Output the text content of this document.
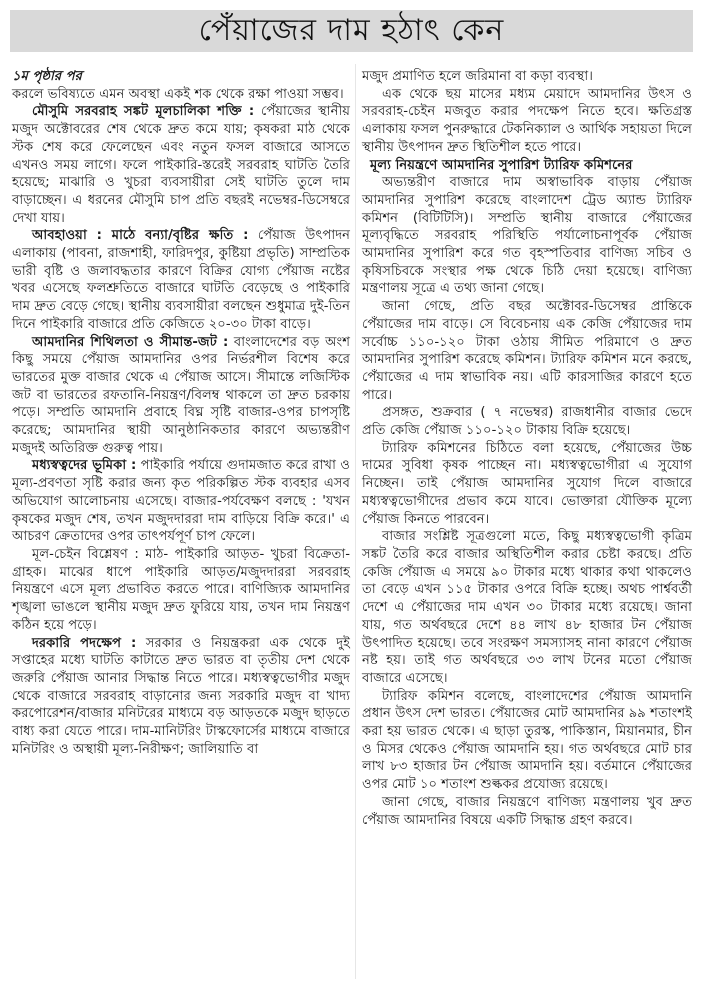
পেঁয়াজের দাম হঠাৎ কেন

১ম পৃষ্ঠার পর

করলে ভবিষ্যতে এমন অবস্থা একই শক থেকে রক্ষা পাওয়া সম্ভব।

মৌসুমি সরবরাহ সঙ্কট মূলচালিকা শক্তি : পেঁয়াজের স্থানীয় মজুদ অক্টোবরের শেষ থেকে দ্রুত কমে যায়; কৃষকরা মাঠ থেকে স্টক শেষ করে ফেলেছেন এবং নতুন ফসল বাজারে আসতে এখনও সময় লাগে। ফলে পাইকারি-স্তরেই সরবরাহ ঘাটতি তৈরি হয়েছে; মাঝারি ও খুচরা ব্যবসায়ীরা সেই ঘাটতি তুলে দাম বাড়াচ্ছেন। এ ধরনের মৌসুমি চাপ প্রতি বছরই নভেম্বর-ডিসেম্বরে দেখা যায়।

আবহাওয়া : মাঠে বন্যা/বৃষ্টির ক্ষতি : পেঁয়াজ উৎপাদন এলাকায় (পাবনা, রাজশাহী, ফারিদপুর, কুষ্টিয়া প্রভৃতি) সাম্প্রতিক ভারী বৃষ্টি ও জলাবদ্ধতার কারণে বিক্রির যোগ্য পেঁয়াজ নষ্টের খবর এসেছে ফলশ্রুতিতে বাজারে ঘাটতি বেড়েছে ও পাইকারি দাম দ্রুত বেড়ে গেছে। স্থানীয় ব্যবসায়ীরা বলছেন শুধুমাত্র দুই-তিন দিনে পাইকারি বাজারে প্রতি কেজিতে ২০-৩০ টাকা বাড়ে।

আমদানির শিথিলতা ও সীমান্ত-জট : বাংলাদেশের বড় অংশ কিছু সময়ে পেঁয়াজ আমদানির ওপর নির্ভরশীল বিশেষ করে ভারতের মুক্ত বাজার থেকে এ পেঁয়াজ আসে। সীমান্তে লজিস্টিক জট বা ভারতের রফতানি-নিয়ন্ত্রণ/বিলম্ব থাকলে তা দ্রুত চরকায় পড়ে। সম্প্রতি আমদানি প্রবাহে বিঘ্ন সৃষ্টি বাজার-ওপর চাপসৃষ্টি করেছে; আমদানির স্থায়ী আনুষ্ঠানিকতার কারণে অভ্যন্তরীণ মজুদই অতিরিক্ত গুরুত্ব পায়।

মধ্যস্বত্বদের ভূমিকা : পাইকারি পর্যায়ে গুদামজাত করে রাখা ও মূল্য-প্রবণতা সৃষ্টি করার জন্য কৃত পরিকল্পিত স্টক ব্যবহার এসব অভিযোগ আলোচনায় এসেছে। বাজার-পর্যবেক্ষণ বলছে : 'যখন কৃষকের মজুদ শেষ, তখন মজুদদাররা দাম বাড়িয়ে বিক্রি করে।' এ আচরণ ক্রেতাদের ওপর তাৎপর্যপূর্ণ চাপ ফেলে।

মূল-চেইন বিশ্লেষণ : মাঠ- পাইকারি আড়ত- খুচরা বিক্রেতা- গ্রাহক। মাঝের ধাপে পাইকারি আড়ত/মজুদদাররা সরবরাহ নিয়ন্ত্রণে এসে মূল্য প্রভাবিত করতে পারে। বাণিজ্যিক আমদানির শৃঙ্খলা ভাঙলে স্থানীয় মজুদ দ্রুত ফুরিয়ে যায়, তখন দাম নিয়ন্ত্রণ কঠিন হয়ে পড়ে।

দরকারি পদক্ষেপ : সরকার ও নিয়ন্ত্রকরা এক থেকে দুই সপ্তাহের মধ্যে ঘাটতি কাটাতে দ্রুত ভারত বা তৃতীয় দেশ থেকে জরুরি পেঁয়াজ আনার সিদ্ধান্ত নিতে পারে। মধ্যস্বত্বভোগীর মজুদ থেকে বাজারে সরবরাহ বাড়ানোর জন্য সরকারি মজুদ বা খাদ্য করপোরেশন/বাজার মনিটরের মাধ্যমে বড় আড়তকে মজুদ ছাড়তে বাধ্য করা যেতে পারে। দাম-মানিটরিং টাস্কফোর্সের মাধ্যমে বাজারে মনিটরিং ও অস্থায়ী মূল্য-নিরীক্ষণ; জালিয়াতি বা

মজুদ প্রমাণিত হলে জরিমানা বা কড়া ব্যবস্থা।

এক থেকে ছয় মাসের মধ্যম মেয়াদে আমদানির উৎস ও সরবরাহ-চেইন মজবুত করার পদক্ষেপ নিতে হবে। ক্ষতিগ্রস্ত এলাকায় ফসল পুনরুদ্ধারে টেকনিক্যাল ও আর্থিক সহায়তা দিলে স্থানীয় উৎপাদন দ্রুত স্থিতিশীল হতে পারে।

মূল্য নিয়ন্ত্রণে আমদানির সুপারিশ ট্যারিফ কমিশনের

অভ্যন্তরীণ বাজারে দাম অস্বাভাবিক বাড়ায় পেঁয়াজ আমদানির সুপারিশ করেছে বাংলাদেশ ট্রেড অ্যান্ড ট্যারিফ কমিশন (বিটিটিসি)। সম্প্রতি স্থানীয় বাজারে পেঁয়াজের মূল্যবৃদ্ধিতে সরবরাহ পরিস্থিতি পর্যালোচনাপূর্বক পেঁয়াজ আমদানির সুপারিশ করে গত বৃহস্পতিবার বাণিজ্য সচিব ও কৃষিসচিবকে সংস্থার পক্ষ থেকে চিঠি দেয়া হয়েছে। বাণিজ্য মন্ত্রণালয় সূত্রে এ তথ্য জানা গেছে।

জানা গেছে, প্রতি বছর অক্টোবর-ডিসেম্বর প্রান্তিকে পেঁয়াজের দাম বাড়ে। সে বিবেচনায় এক কেজি পেঁয়াজের দাম সর্বোচ্চ ১১০-১২০ টাকা ওঠায় সীমিত পরিমাণে ও দ্রুত আমদানির সুপারিশ করেছে কমিশন। ট্যারিফ কমিশন মনে করছে, পেঁয়াজের এ দাম স্বাভাবিক নয়। এটি কারসাজির কারণে হতে পারে।

প্রসঙ্গত, শুক্রবার ( ৭ নভেম্বর) রাজধানীর বাজার ভেদে প্রতি কেজি পেঁয়াজ ১১০-১২০ টাকায় বিক্রি হয়েছে।

ট্যারিফ কমিশনের চিঠিতে বলা হয়েছে, পেঁয়াজের উচ্চ দামের সুবিধা কৃষক পাচ্ছেন না। মধ্যস্বত্বভোগীরা এ সুযোগ নিচ্ছেন। তাই পেঁয়াজ আমদানির সুযোগ দিলে বাজারে মধ্যস্বত্বভোগীদের প্রভাব কমে যাবে। ভোক্তারা যৌক্তিক মূল্যে পেঁয়াজ কিনতে পারবেন।

বাজার সংশ্লিষ্ট সূত্রগুলো মতে, কিছু মধ্যস্বত্বভোগী কৃত্রিম সঙ্কট তৈরি করে বাজার অস্থিতিশীল করার চেষ্টা করছে। প্রতি কেজি পেঁয়াজ এ সময়ে ৯০ টাকার মধ্যে থাকার কথা থাকলেও তা বেড়ে এখন ১১৫ টাকার ওপরে বিক্রি হচ্ছে। অথচ পার্শ্ববর্তী দেশে এ পেঁয়াজের দাম এখন ৩০ টাকার মধ্যে রয়েছে। জানা যায়, গত অর্থবছরে দেশে ৪৪ লাখ ৪৮ হাজার টন পেঁয়াজ উৎপাদিত হয়েছে। তবে সংরক্ষণ সমস্যাসহ নানা কারণে পেঁয়াজ নষ্ট হয়। তাই গত অর্থবছরে ৩৩ লাখ টনের মতো পেঁয়াজ বাজারে এসেছে।

ট্যারিফ কমিশন বলেছে, বাংলাদেশের পেঁয়াজ আমদানি প্রধান উৎস দেশ ভারত। পেঁয়াজের মোট আমদানির ৯৯ শতাংশই করা হয় ভারত থেকে। এ ছাড়া তুরস্ক, পাকিস্তান, মিয়ানমার, চীন ও মিসর থেকেও পেঁয়াজ আমদানি হয়। গত অর্থবছরে মোট চার লাখ ৮৩ হাজার টন পেঁয়াজ আমদানি হয়। বর্তমানে পেঁয়াজের ওপর মোট ১০ শতাংশ শুল্ককর প্রযোজ্য রয়েছে।

জানা গেছে, বাজার নিয়ন্ত্রণে বাণিজ্য মন্ত্রণালয় খুব দ্রুত পেঁয়াজ আমদানির বিষয়ে একটি সিদ্ধান্ত গ্রহণ করবে।
